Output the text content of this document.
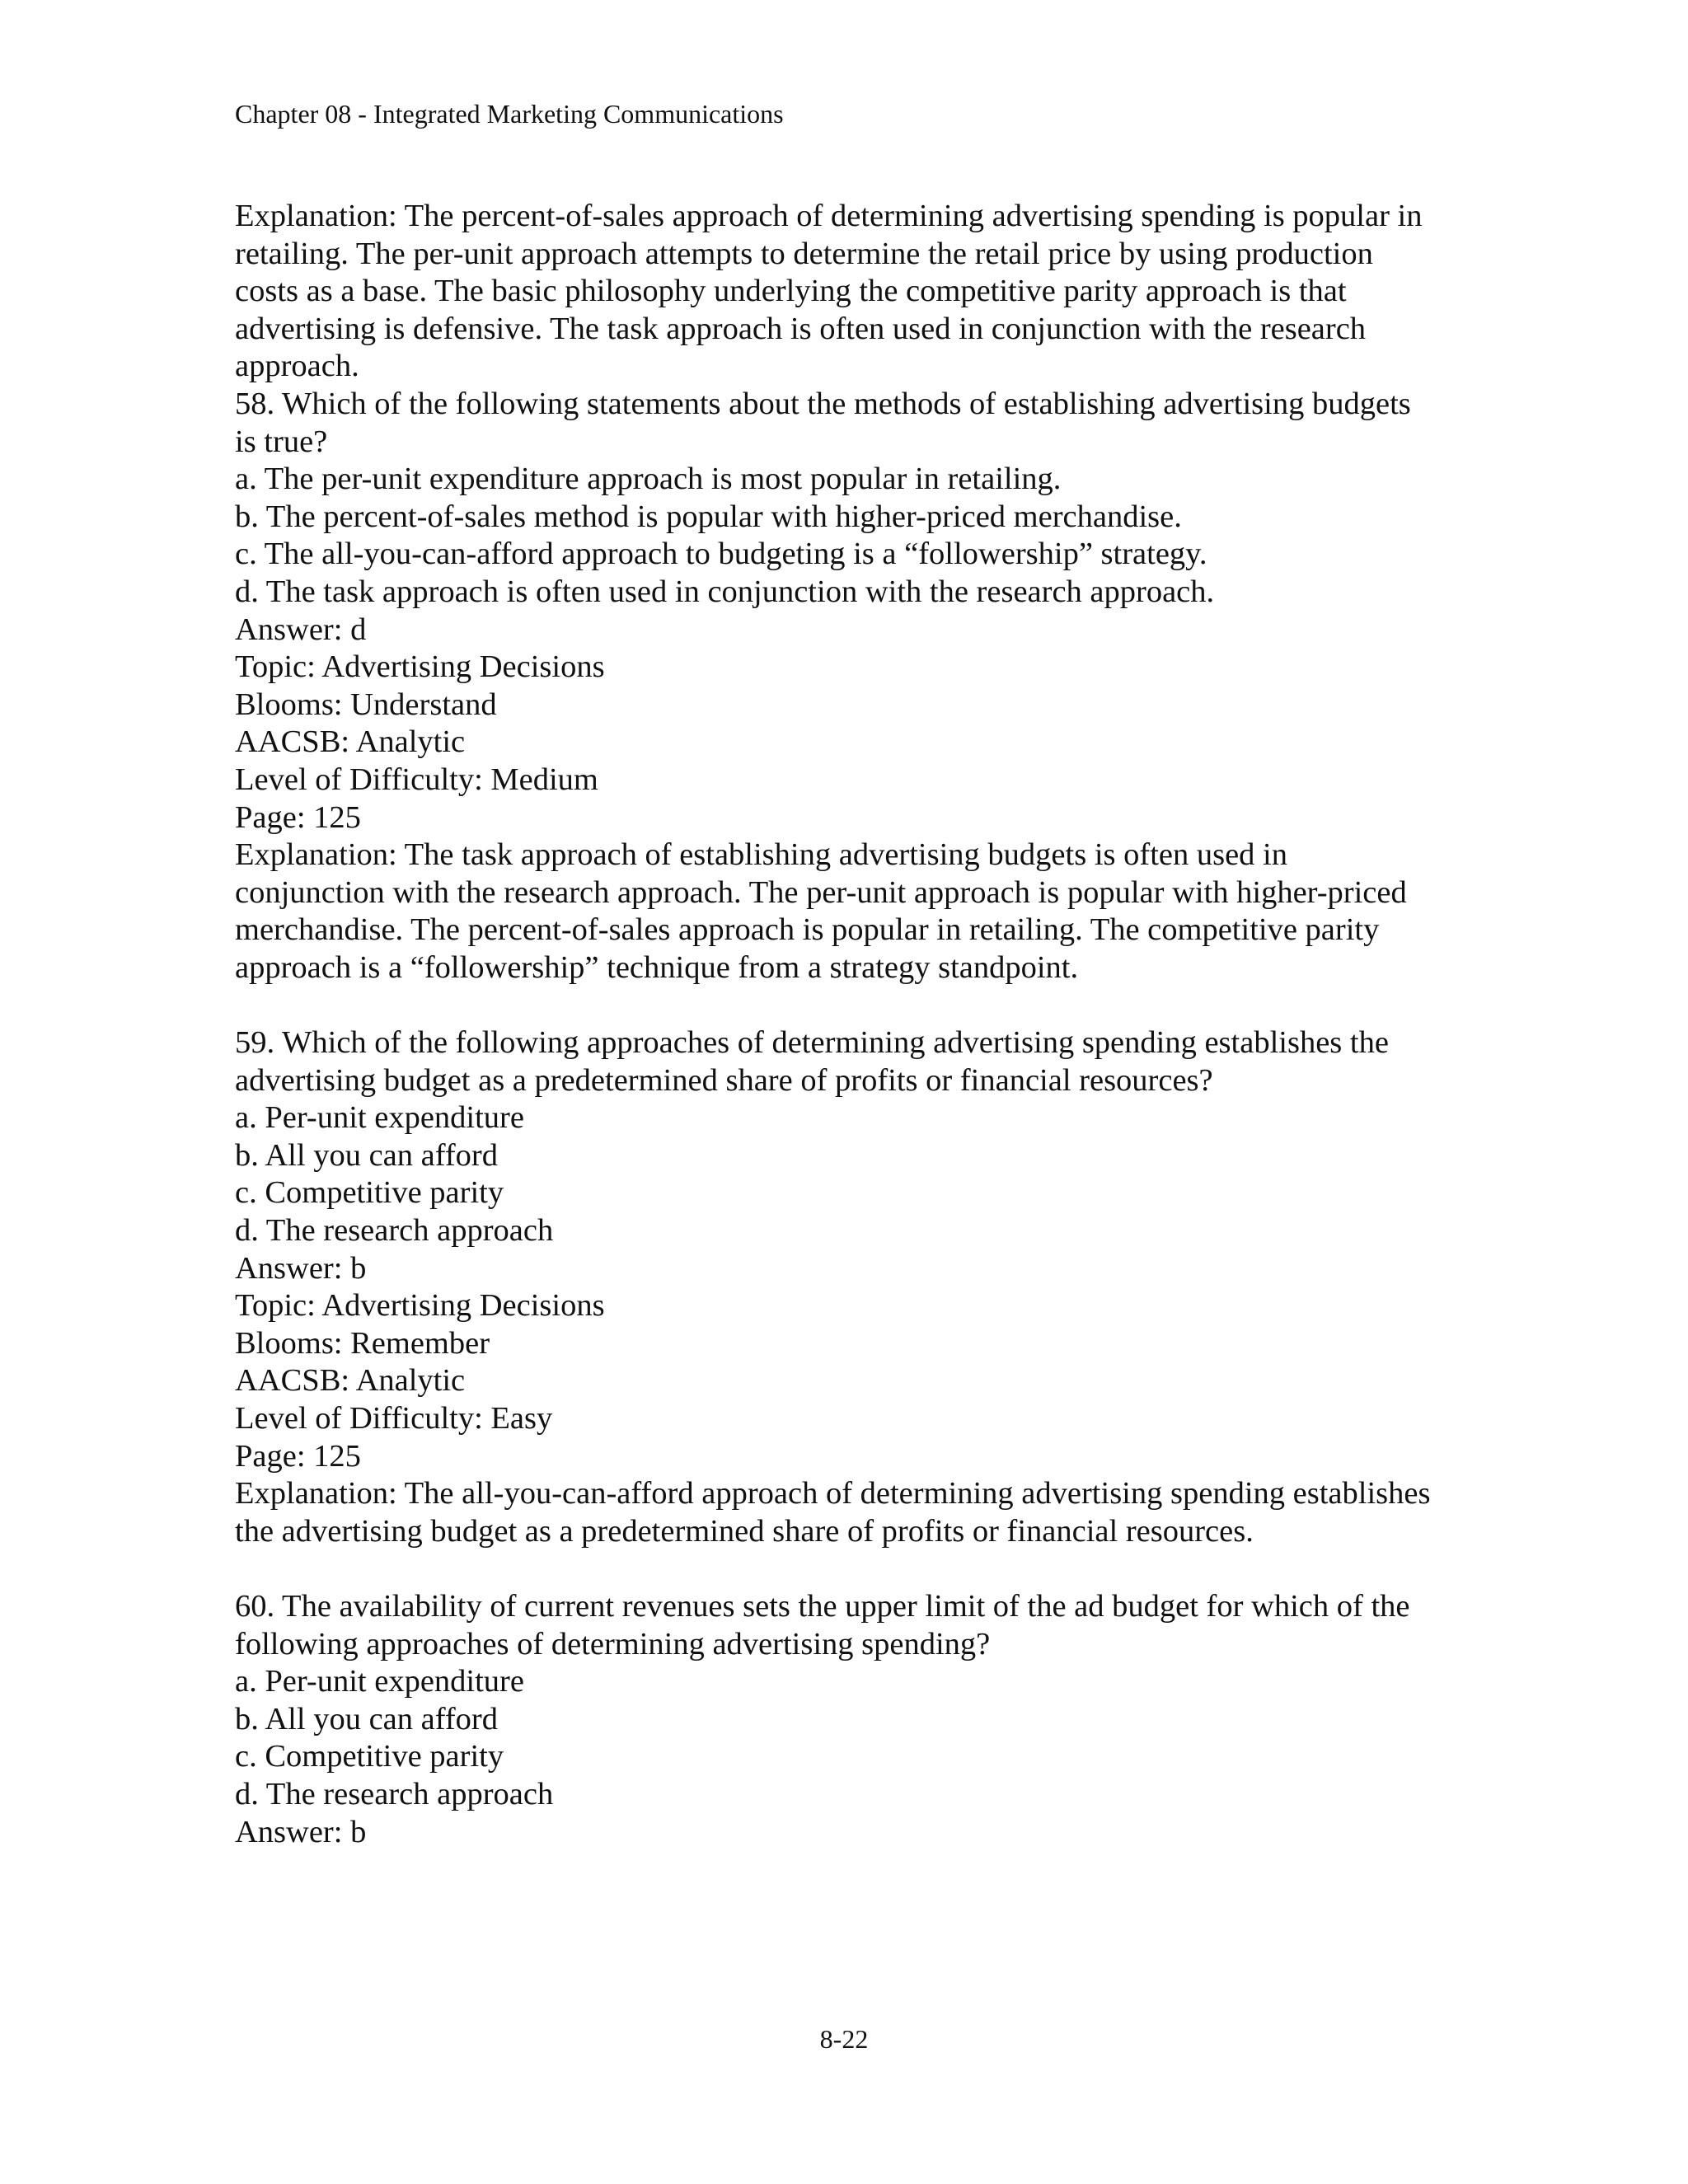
Chapter 08 - Integrated Marketing Communications

Explanation: The percent-of-sales approach of determining advertising spending is popular in
retailing. The per-unit approach attempts to determine the retail price by using production
costs as a base. The basic philosophy underlying the competitive parity approach is that
advertising is defensive. The task approach is often used in conjunction with the research
approach.

58. Which of the following statements about the methods of establishing advertising budgets
is true?
a. The per-unit expenditure approach is most popular in retailing.
b. The percent-of-sales method is popular with higher-priced merchandise.
c. The all-you-can-afford approach to budgeting is a “followership” strategy.
d. The task approach is often used in conjunction with the research approach.
Answer: d
Topic: Advertising Decisions
Blooms: Understand
AACSB: Analytic
Level of Difficulty: Medium
Page: 125
Explanation: The task approach of establishing advertising budgets is often used in
conjunction with the research approach. The per-unit approach is popular with higher-priced
merchandise. The percent-of-sales approach is popular in retailing. The competitive parity
approach is a “followership” technique from a strategy standpoint.
59. Which of the following approaches of determining advertising spending establishes the
advertising budget as a predetermined share of profits or financial resources?
a. Per-unit expenditure
b. All you can afford
c. Competitive parity
d. The research approach
Answer: b
Topic: Advertising Decisions
Blooms: Remember
AACSB: Analytic
Level of Difficulty: Easy
Page: 125
Explanation: The all-you-can-afford approach of determining advertising spending establishes
the advertising budget as a predetermined share of profits or financial resources.
60. The availability of current revenues sets the upper limit of the ad budget for which of the
following approaches of determining advertising spending?
a. Per-unit expenditure
b. All you can afford
c. Competitive parity
d. The research approach
Answer: b
8-22
